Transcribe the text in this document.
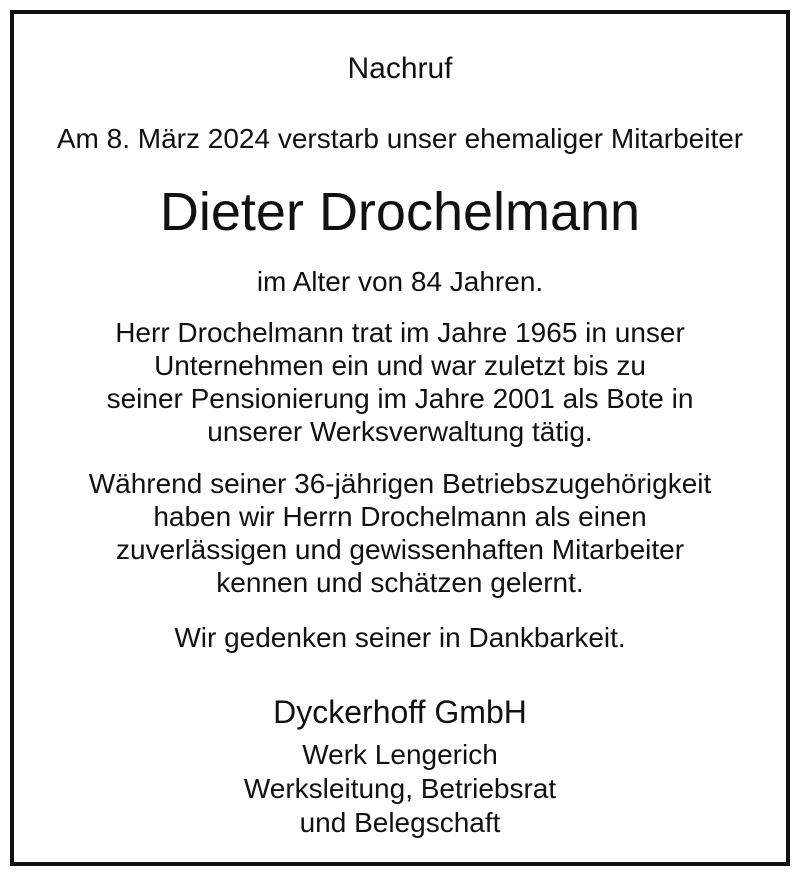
Nachruf
Am 8. März 2024 verstarb unser ehemaliger Mitarbeiter
Dieter Drochelmann
im Alter von 84 Jahren.
Herr Drochelmann trat im Jahre 1965 in unser
Unternehmen ein und war zuletzt bis zu
seiner Pensionierung im Jahre 2001 als Bote in
unserer Werksverwaltung tätig.
Während seiner 36-jährigen Betriebszugehörigkeit
haben wir Herrn Drochelmann als einen
zuverlässigen und gewissenhaften Mitarbeiter
kennen und schätzen gelernt.
Wir gedenken seiner in Dankbarkeit.
Dyckerhoff GmbH
Werk Lengerich
Werksleitung, Betriebsrat
und Belegschaft
